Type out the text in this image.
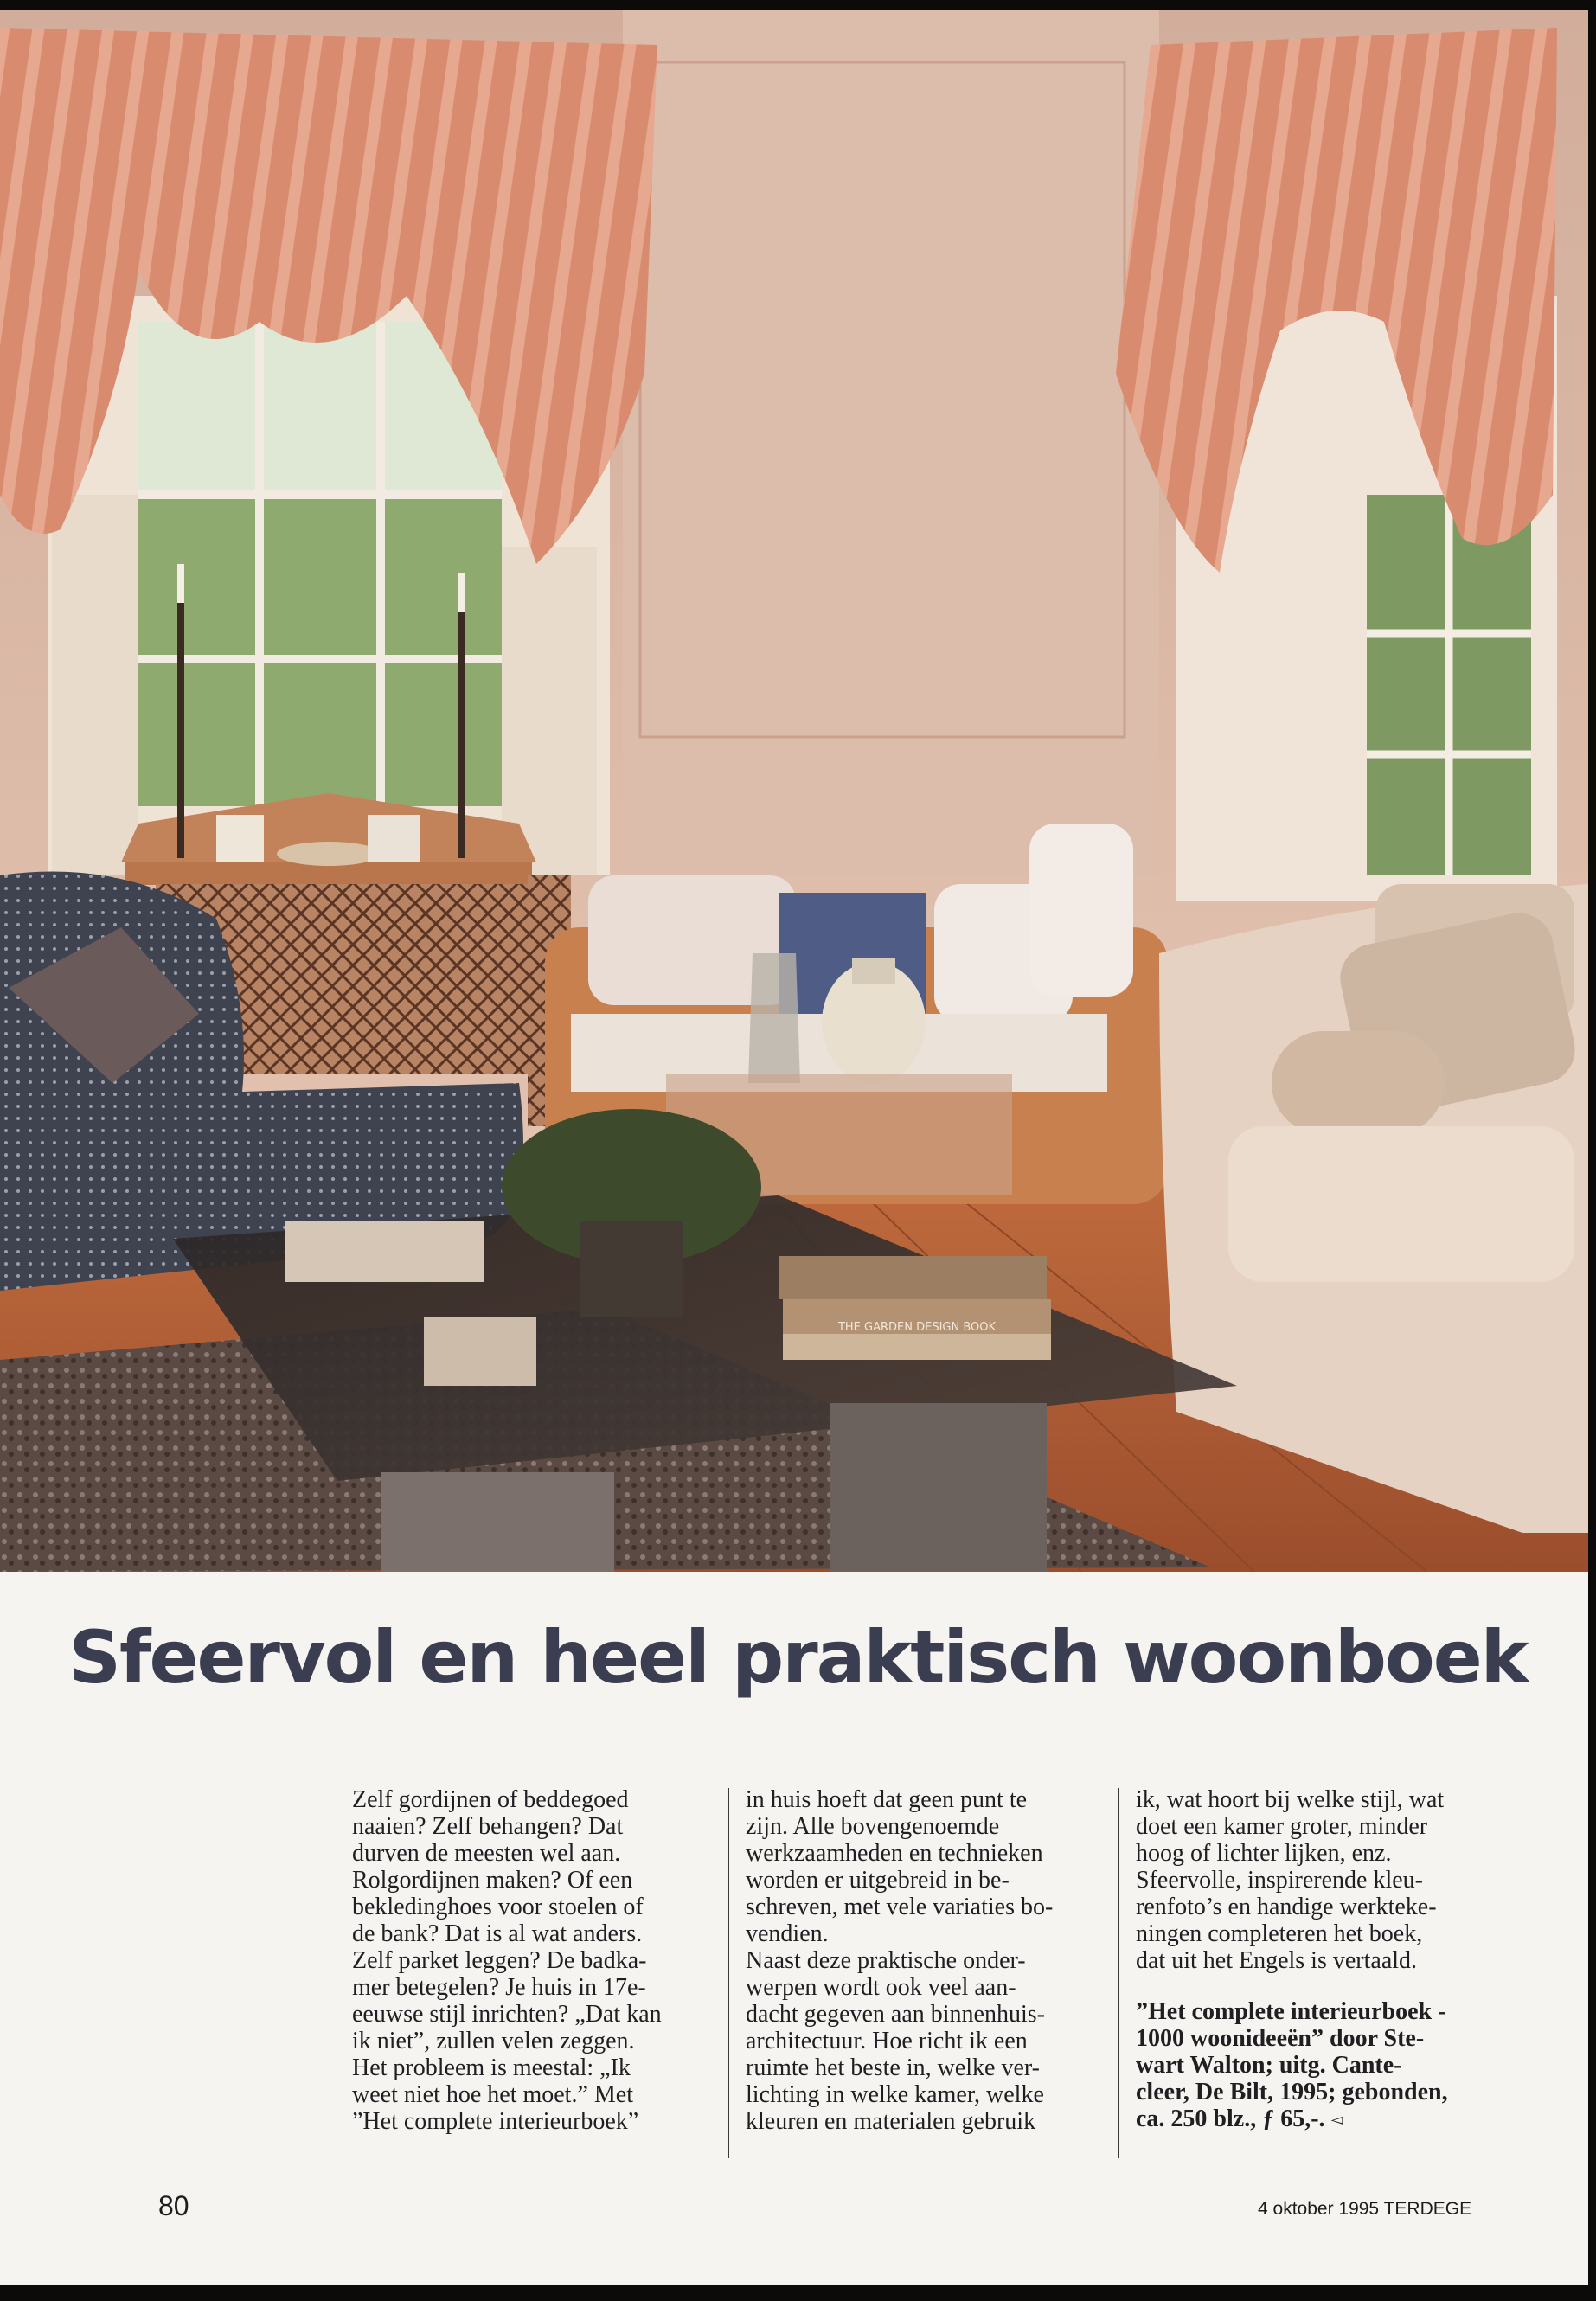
THE GARDEN DESIGN BOOK
Sfeervol en heel praktisch woonboek
Zelf gordijnen of beddegoed
naaien? Zelf behangen? Dat
durven de meesten wel aan.
Rolgordijnen maken? Of een
bekledinghoes voor stoelen of
de bank? Dat is al wat anders.
Zelf parket leggen? De badka-
mer betegelen? Je huis in 17e-
eeuwse stijl inrichten? „Dat kan
ik niet”, zullen velen zeggen.
Het probleem is meestal: „Ik
weet niet hoe het moet.” Met
”Het complete interieurboek”
in huis hoeft dat geen punt te
zijn. Alle bovengenoemde
werkzaamheden en technieken
worden er uitgebreid in be-
schreven, met vele variaties bo-
vendien.
Naast deze praktische onder-
werpen wordt ook veel aan-
dacht gegeven aan binnenhuis-
architectuur. Hoe richt ik een
ruimte het beste in, welke ver-
lichting in welke kamer, welke
kleuren en materialen gebruik
ik, wat hoort bij welke stijl, wat
doet een kamer groter, minder
hoog of lichter lijken, enz.
Sfeervolle, inspirerende kleu-
renfoto’s en handige werkteke-
ningen completeren het boek,
dat uit het Engels is vertaald.
”Het complete interieurboek -
1000 woonideeën” door Ste-
wart Walton; uitg. Cante-
cleer, De Bilt, 1995; gebonden,
ca. 250 blz., ƒ 65,-. ◅
80	4 oktober 1995 TERDEGE
